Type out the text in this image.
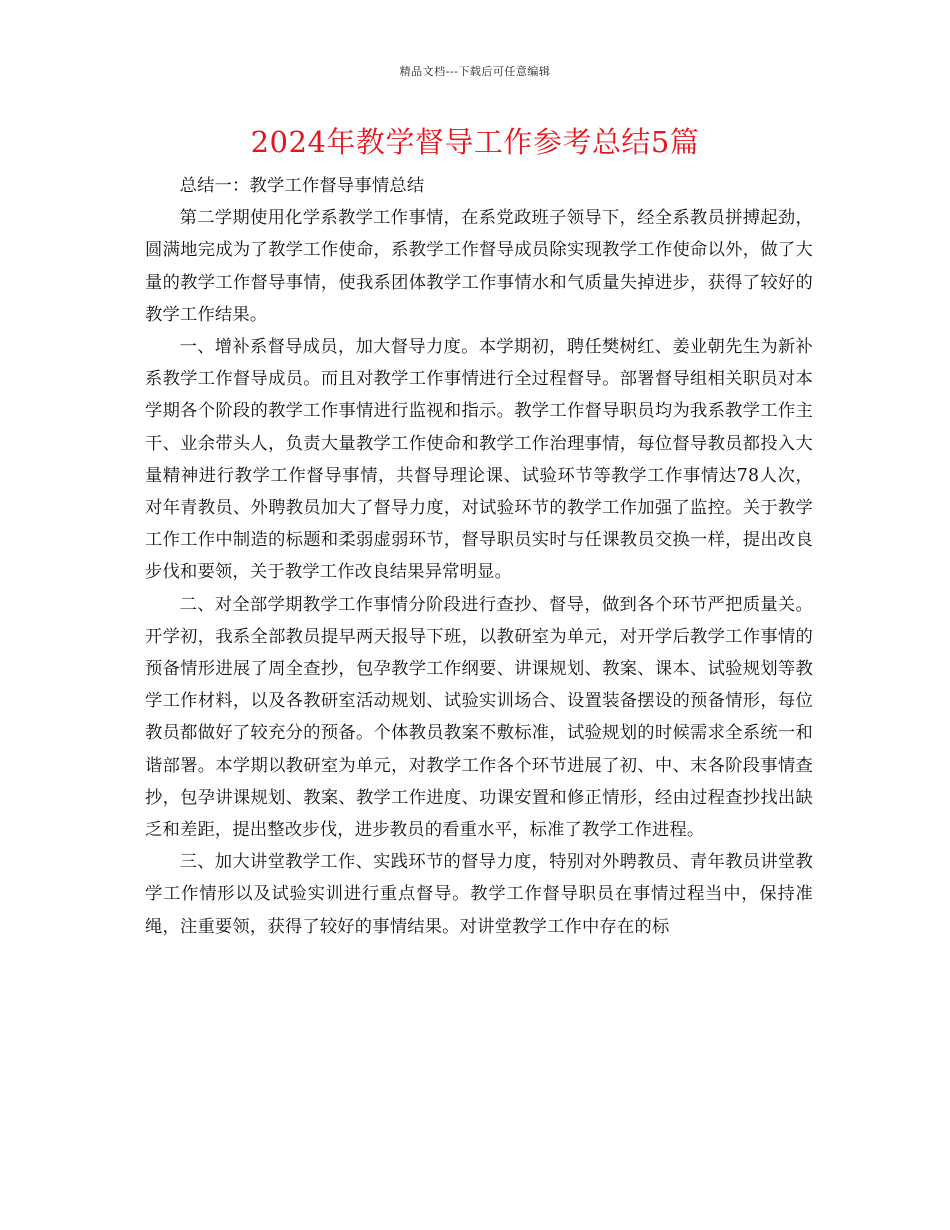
精品文档---下载后可任意编辑
2024年教学督导工作参考总结5篇

总结一：教学工作督导事情总结

第二学期使用化学系教学工作事情，在系党政班子领导下，经全系教员拼搏起劲，圆满地完成为了教学工作使命，系教学工作督导成员除实现教学工作使命以外，做了大量的教学工作督导事情，使我系团体教学工作事情水和气质量失掉进步，获得了较好的教学工作结果。

一、增补系督导成员，加大督导力度。本学期初，聘任樊树红、姜业朝先生为新补系教学工作督导成员。而且对教学工作事情进行全过程督导。部署督导组相关职员对本学期各个阶段的教学工作事情进行监视和指示。教学工作督导职员均为我系教学工作主干、业余带头人，负责大量教学工作使命和教学工作治理事情，每位督导教员都投入大量精神进行教学工作督导事情，共督导理论课、试验环节等教学工作事情达78人次，对年青教员、外聘教员加大了督导力度，对试验环节的教学工作加强了监控。关于教学工作工作中制造的标题和柔弱虚弱环节，督导职员实时与任课教员交换一样，提出改良步伐和要领，关于教学工作改良结果异常明显。

二、对全部学期教学工作事情分阶段进行查抄、督导，做到各个环节严把质量关。开学初，我系全部教员提早两天报导下班，以教研室为单元，对开学后教学工作事情的预备情形进展了周全查抄，包孕教学工作纲要、讲课规划、教案、课本、试验规划等教学工作材料，以及各教研室活动规划、试验实训场合、设置装备摆设的预备情形，每位教员都做好了较充分的预备。个体教员教案不敷标准，试验规划的时候需求全系统一和谐部署。本学期以教研室为单元，对教学工作各个环节进展了初、中、末各阶段事情查抄，包孕讲课规划、教案、教学工作进度、功课安置和修正情形，经由过程查抄找出缺乏和差距，提出整改步伐，进步教员的看重水平，标准了教学工作进程。

三、加大讲堂教学工作、实践环节的督导力度，特别对外聘教员、青年教员讲堂教学工作情形以及试验实训进行重点督导。教学工作督导职员在事情过程当中，保持准绳，注重要领，获得了较好的事情结果。对讲堂教学工作中存在的标
